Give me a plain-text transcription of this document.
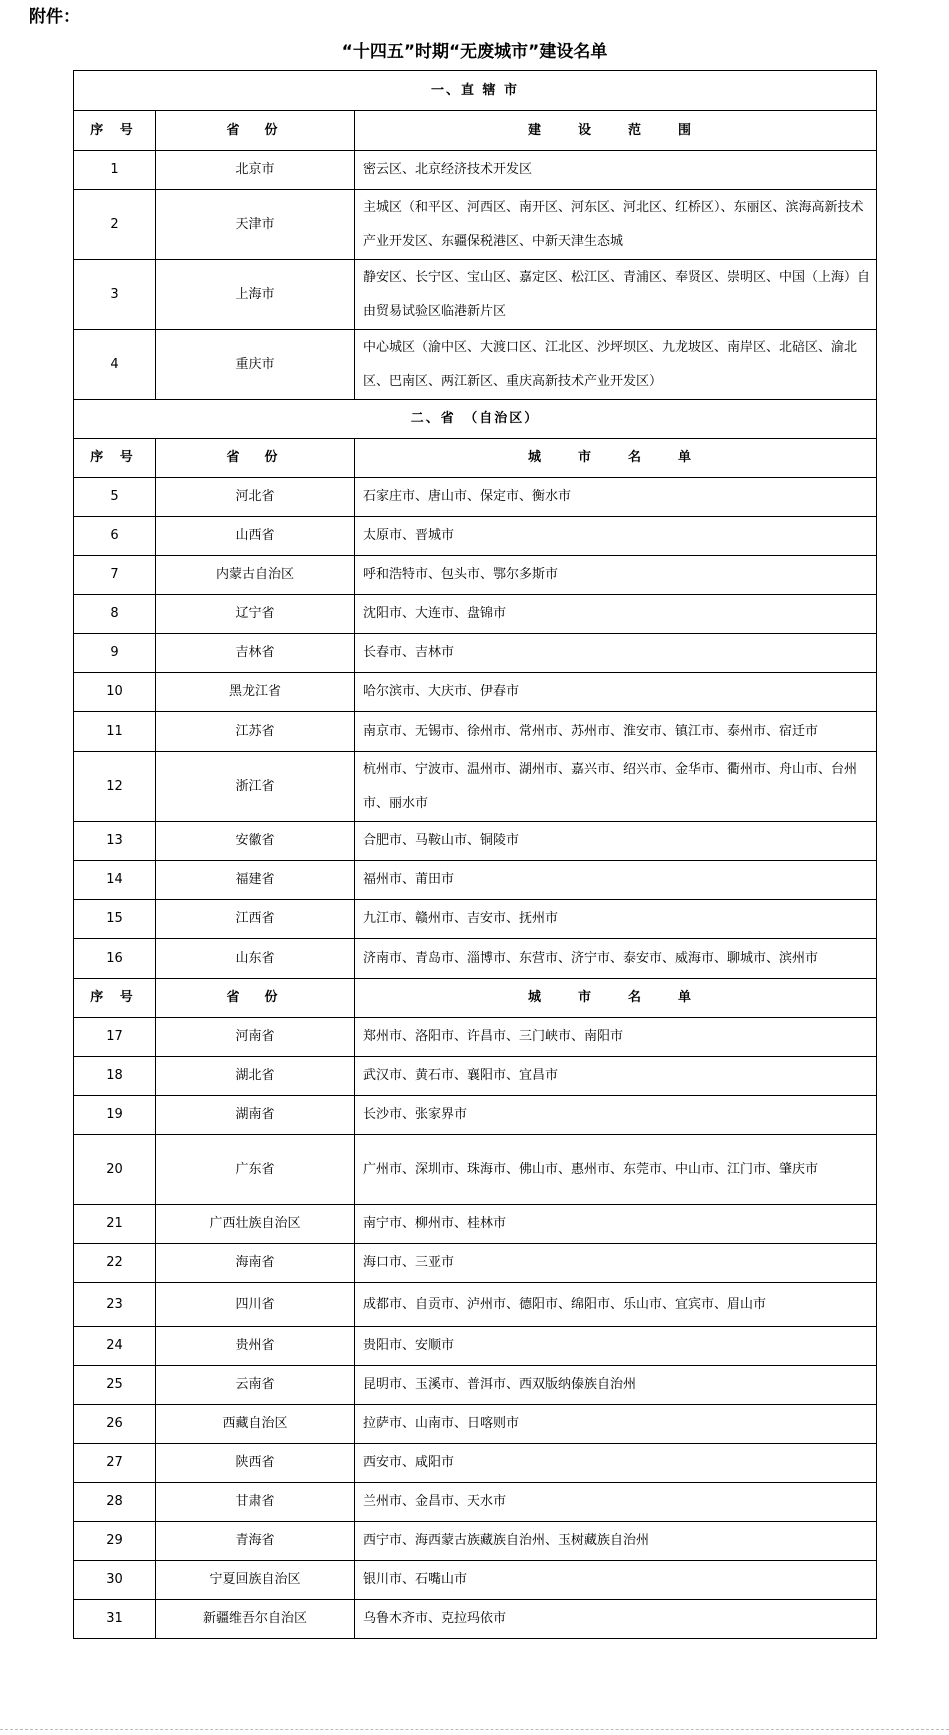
附件：
“十四五”时期“无废城市”建设名单
一、直 辖 市		
序 号	省　份	建　设　范　围
1	北京市	密云区、北京经济技术开发区
2	天津市	主城区（和平区、河西区、南开区、河东区、河北区、红桥区）、东丽区、滨海高新技术产业开发区、东疆保税港区、中新天津生态城
3	上海市	静安区、长宁区、宝山区、嘉定区、松江区、青浦区、奉贤区、崇明区、中国（上海）自由贸易试验区临港新片区
4	重庆市	中心城区（渝中区、大渡口区、江北区、沙坪坝区、九龙坡区、南岸区、北碚区、渝北区、巴南区、两江新区、重庆高新技术产业开发区）
二、省　（自治区）		
序 号	省　份	城　市　名　单
5	河北省	石家庄市、唐山市、保定市、衡水市
6	山西省	太原市、晋城市
7	内蒙古自治区	呼和浩特市、包头市、鄂尔多斯市
8	辽宁省	沈阳市、大连市、盘锦市
9	吉林省	长春市、吉林市
10	黑龙江省	哈尔滨市、大庆市、伊春市
11	江苏省	南京市、无锡市、徐州市、常州市、苏州市、淮安市、镇江市、泰州市、宿迁市
12	浙江省	杭州市、宁波市、温州市、湖州市、嘉兴市、绍兴市、金华市、衢州市、舟山市、台州市、丽水市
13	安徽省	合肥市、马鞍山市、铜陵市
14	福建省	福州市、莆田市
15	江西省	九江市、赣州市、吉安市、抚州市
16	山东省	济南市、青岛市、淄博市、东营市、济宁市、泰安市、威海市、聊城市、滨州市
序 号	省　份	城　市　名　单
17	河南省	郑州市、洛阳市、许昌市、三门峡市、南阳市
18	湖北省	武汉市、黄石市、襄阳市、宜昌市
19	湖南省	长沙市、张家界市
20	广东省	广州市、深圳市、珠海市、佛山市、惠州市、东莞市、中山市、江门市、肇庆市
21	广西壮族自治区	南宁市、柳州市、桂林市
22	海南省	海口市、三亚市
23	四川省	成都市、自贡市、泸州市、德阳市、绵阳市、乐山市、宜宾市、眉山市
24	贵州省	贵阳市、安顺市
25	云南省	昆明市、玉溪市、普洱市、西双版纳傣族自治州
26	西藏自治区	拉萨市、山南市、日喀则市
27	陕西省	西安市、咸阳市
28	甘肃省	兰州市、金昌市、天水市
29	青海省	西宁市、海西蒙古族藏族自治州、玉树藏族自治州
30	宁夏回族自治区	银川市、石嘴山市
31	新疆维吾尔自治区	乌鲁木齐市、克拉玛依市
